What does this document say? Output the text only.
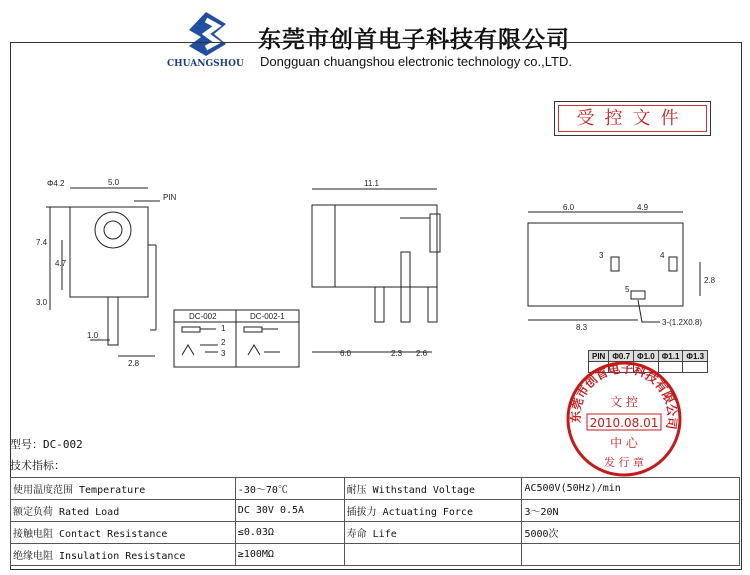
CHUANGSHOU
东莞市创首电子科技有限公司
Dongguan chuangshou electronic technology co.,LTD.
受控文件
Φ4.2	5.0
PIN
7.4
4.7
3.0
1.0
2.8
11.1
6.0	2.3 2.6
DC-002	DC-002-1
1
2
3
6.0	4.9
8.3
2.8
3	4
5
3-(1.2X0.8)
PIN	Φ0.7	Φ1.0	Φ1.1	Φ1.3

东莞市创首电子科技有限公司
文 控
2010.08.01
中 心
发 行 章
型号：DC-002
技术指标：
使用温度范围 Temperature	-30～70℃	耐压 Withstand Voltage	AC500V(50Hz)/min
额定负荷 Rated Load	DC 30V 0.5A	插拔力 Actuating Force	3～20N
接触电阻 Contact Resistance	≤0.03Ω	寿命 Life	5000次
绝缘电阻 Insulation Resistance	≥100MΩ		
